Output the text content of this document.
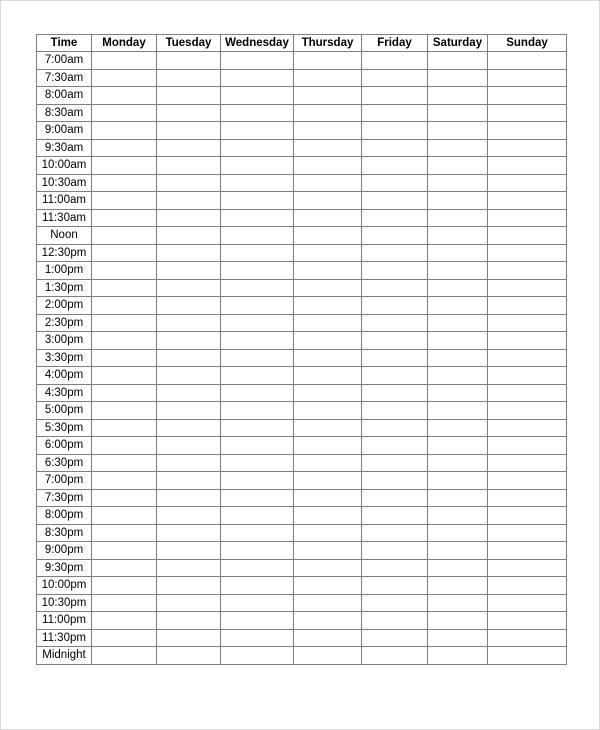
Time	Monday	Tuesday	Wednesday	Thursday	Friday	Saturday	Sunday
7:00am							
7:30am							
8:00am							
8:30am							
9:00am							
9:30am							
10:00am							
10:30am							
11:00am							
11:30am							
Noon							
12:30pm							
1:00pm							
1:30pm							
2:00pm							
2:30pm							
3:00pm							
3:30pm							
4:00pm							
4:30pm							
5:00pm							
5:30pm							
6:00pm							
6:30pm							
7:00pm							
7:30pm							
8:00pm							
8:30pm							
9:00pm							
9:30pm							
10:00pm							
10:30pm							
11:00pm							
11:30pm							
Midnight							
